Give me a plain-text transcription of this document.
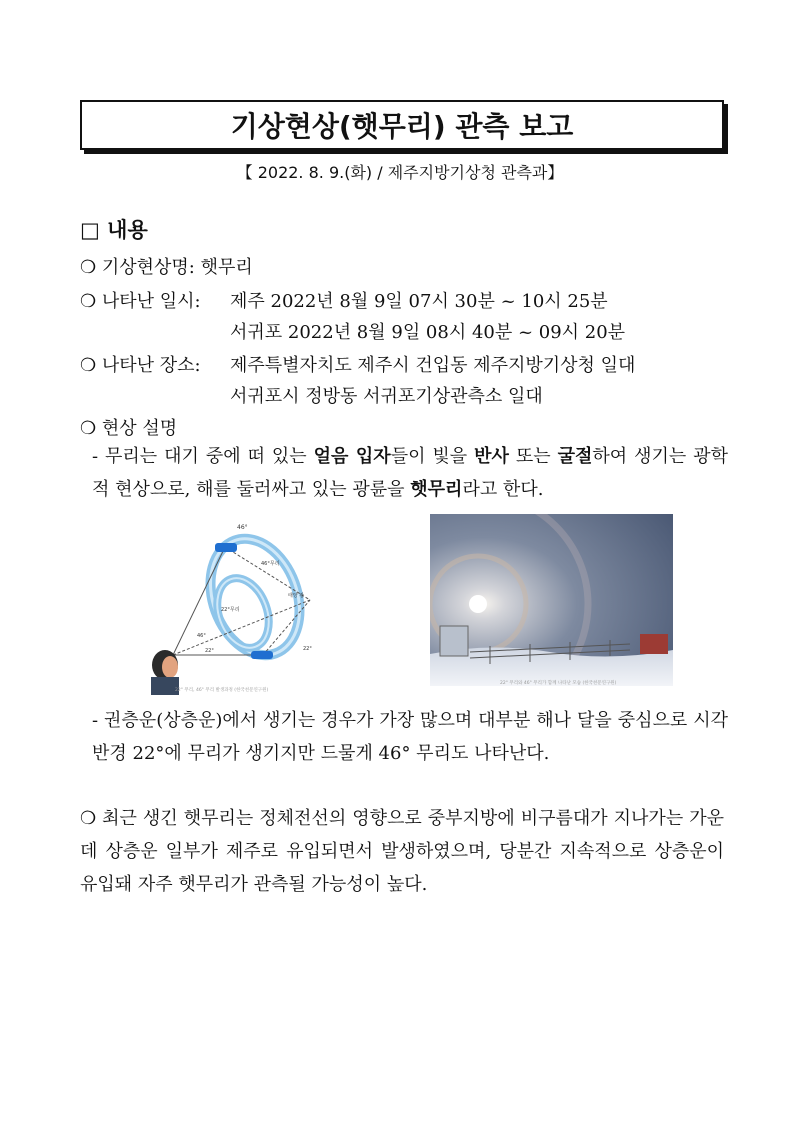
기상현상(햇무리) 관측 보고
【 2022. 8. 9.(화) / 제주지방기상청 관측과】
□ 내용
❍ 기상현상명: 햇무리
❍ 나타난 일시: 제주 2022년 8월 9일 07시 30분 ~ 10시 25분
서귀포 2022년 8월 9일 08시 40분 ~ 09시 20분
❍ 나타난 장소: 제주특별자치도 제주시 건입동 제주지방기상청 일대
서귀포시 정방동 서귀포기상관측소 일대
❍ 현상 설명
- 무리는 대기 중에 떠 있는 얼음 입자들이 빛을 반사 또는 굴절하여 생기는 광학적 현상으로, 해를 둘러싸고 있는 광륜을 햇무리라고 한다.
46°
46°무리
22°무리
태양 광
46°
22°	22°
22° 무리, 46° 무리 발생과정 (한국천문연구원)
22° 무리와 46° 무리가 함께 나타난 모습 (한국천문연구원)
- 권층운(상층운)에서 생기는 경우가 가장 많으며 대부분 해나 달을 중심으로 시각 반경 22°에 무리가 생기지만 드물게 46° 무리도 나타난다.
❍ 최근 생긴 햇무리는 정체전선의 영향으로 중부지방에 비구름대가 지나가는 가운데 상층운 일부가 제주로 유입되면서 발생하였으며, 당분간 지속적으로 상층운이 유입돼 자주 햇무리가 관측될 가능성이 높다.
